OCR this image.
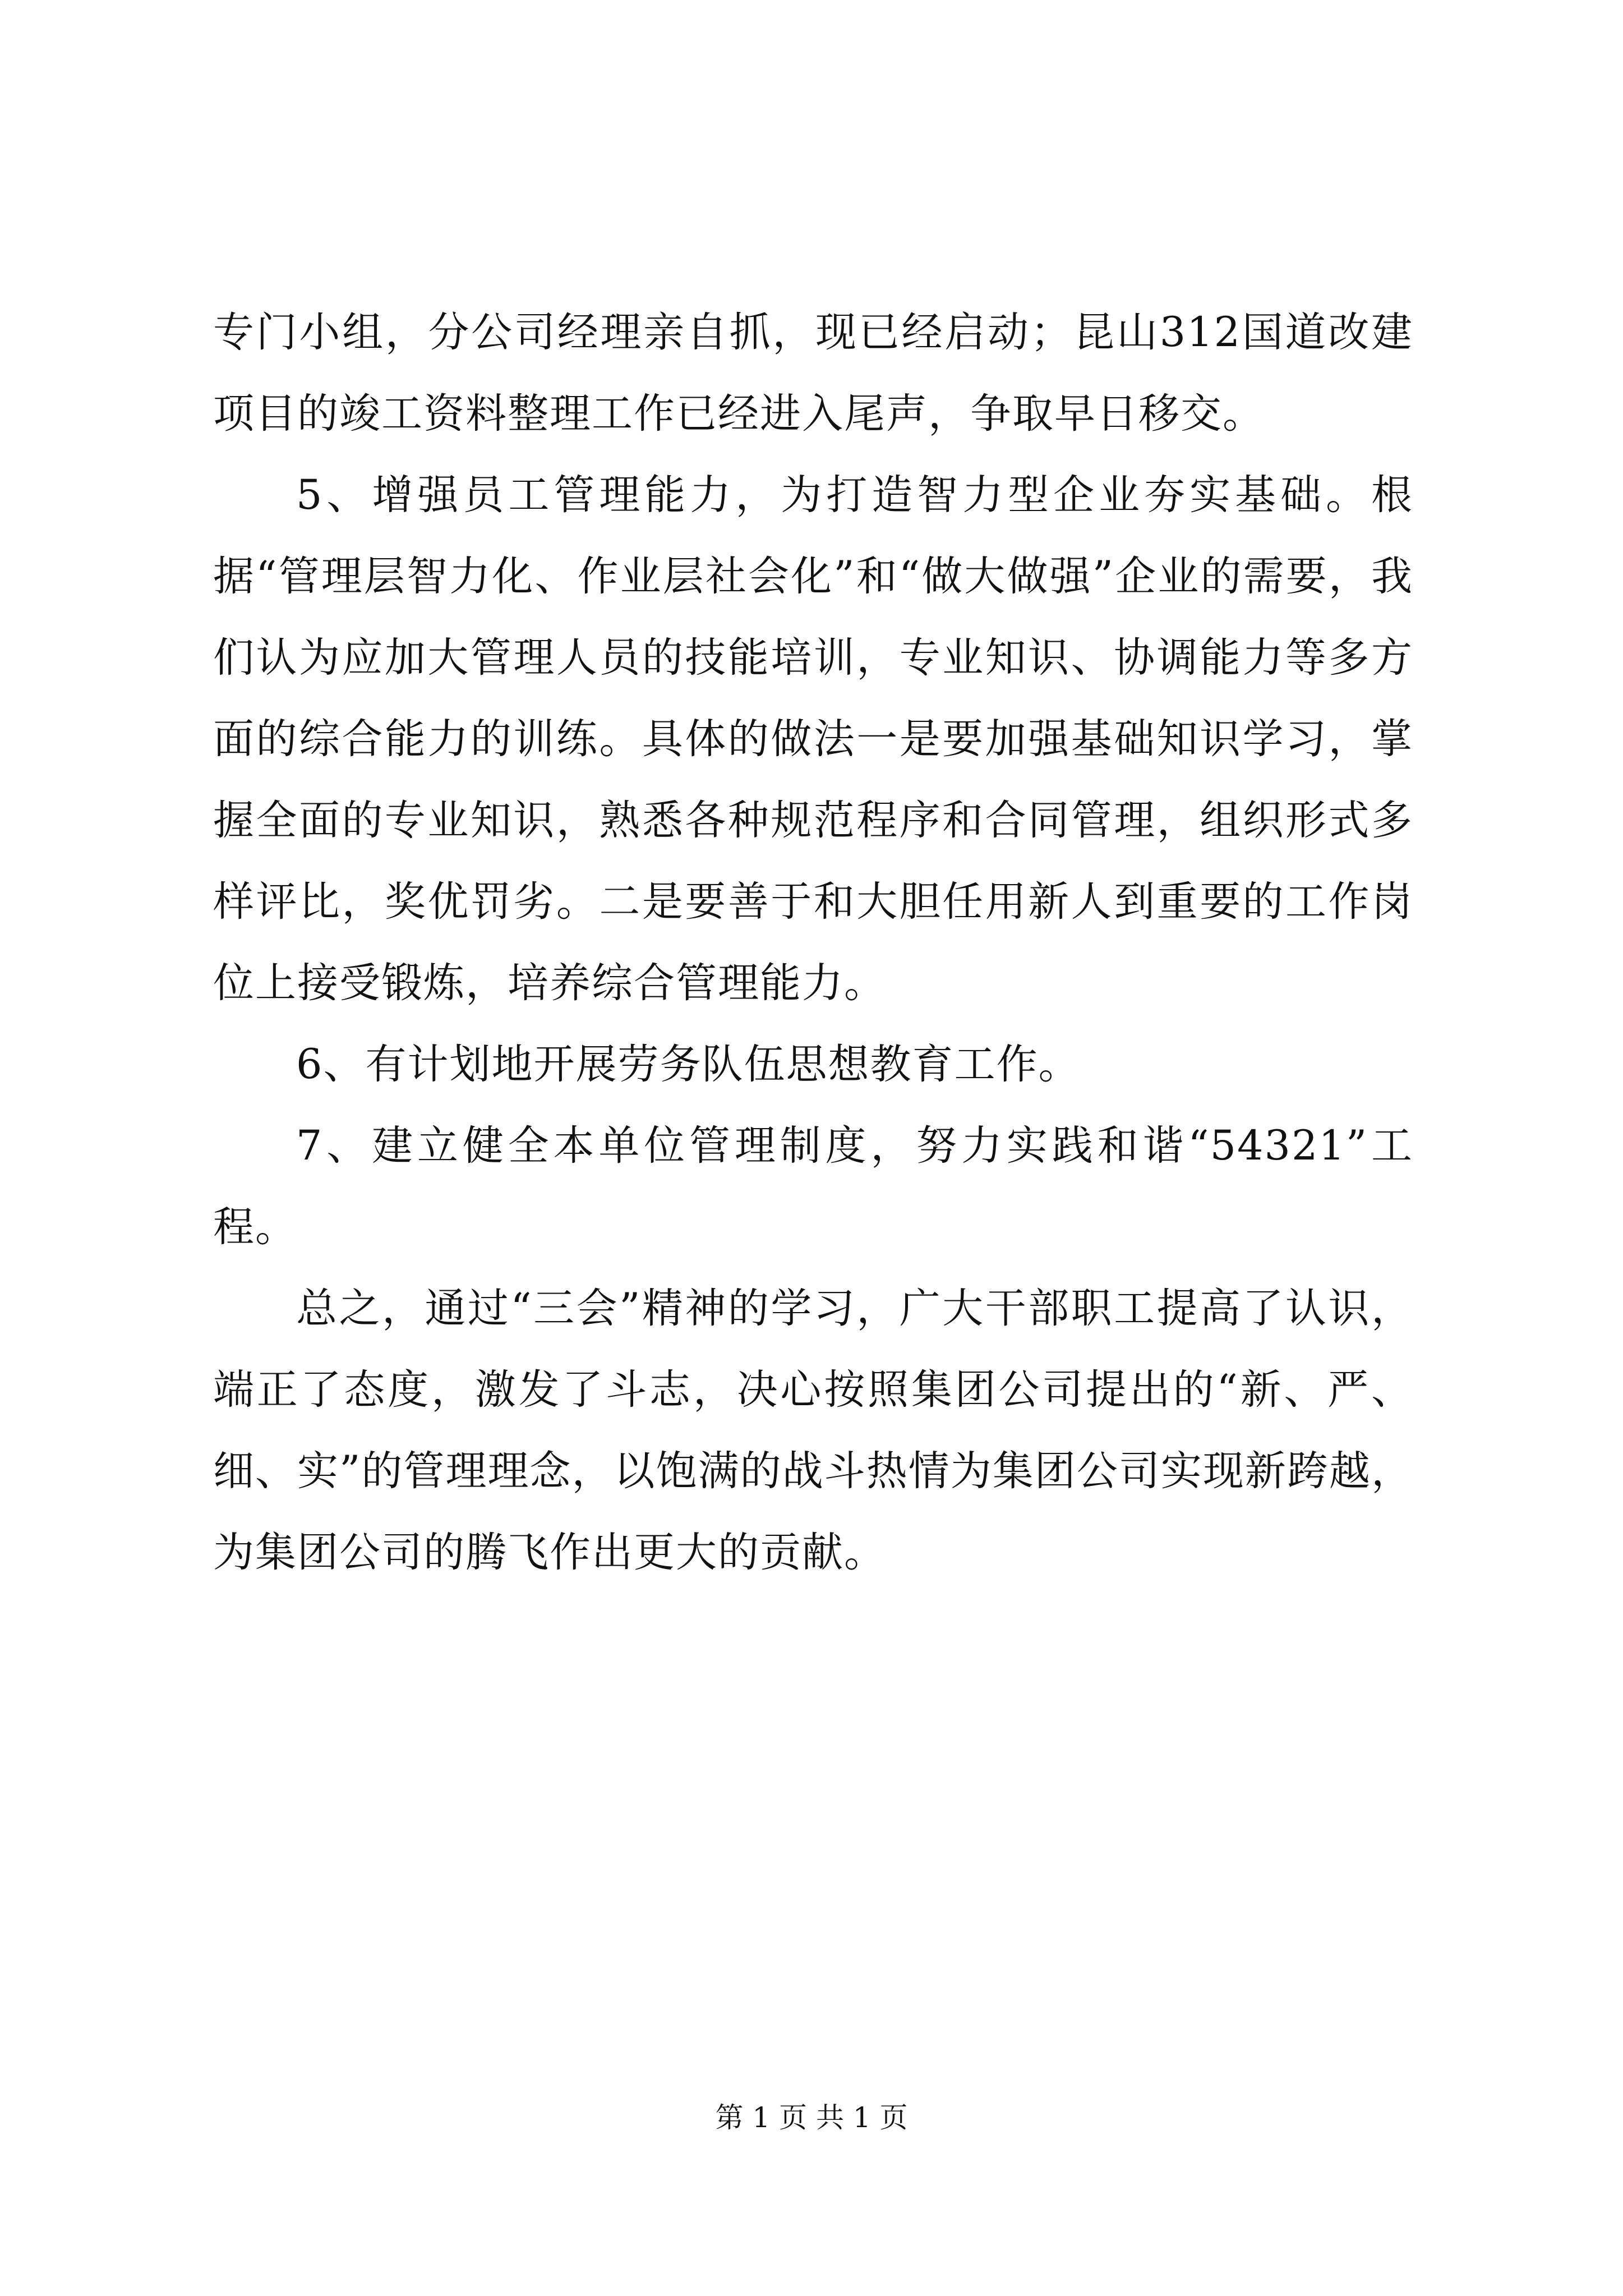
专门小组，分公司经理亲自抓，现已经启动；昆山312国道改建项目的竣工资料整理工作已经进入尾声，争取早日移交。

5、增强员工管理能力，为打造智力型企业夯实基础。根据“管理层智力化、作业层社会化”和“做大做强”企业的需要，我们认为应加大管理人员的技能培训，专业知识、协调能力等多方面的综合能力的训练。具体的做法一是要加强基础知识学习，掌握全面的专业知识，熟悉各种规范程序和合同管理，组织形式多样评比，奖优罚劣。二是要善于和大胆任用新人到重要的工作岗位上接受锻炼，培养综合管理能力。

6、有计划地开展劳务队伍思想教育工作。

7、建立健全本单位管理制度，努力实践和谐“54321”工程。

总之，通过“三会”精神的学习，广大干部职工提高了认识，端正了态度，激发了斗志，决心按照集团公司提出的“新、严、细、实”的管理理念，以饱满的战斗热情为集团公司实现新跨越，为集团公司的腾飞作出更大的贡献。

第 1 页 共 1 页
